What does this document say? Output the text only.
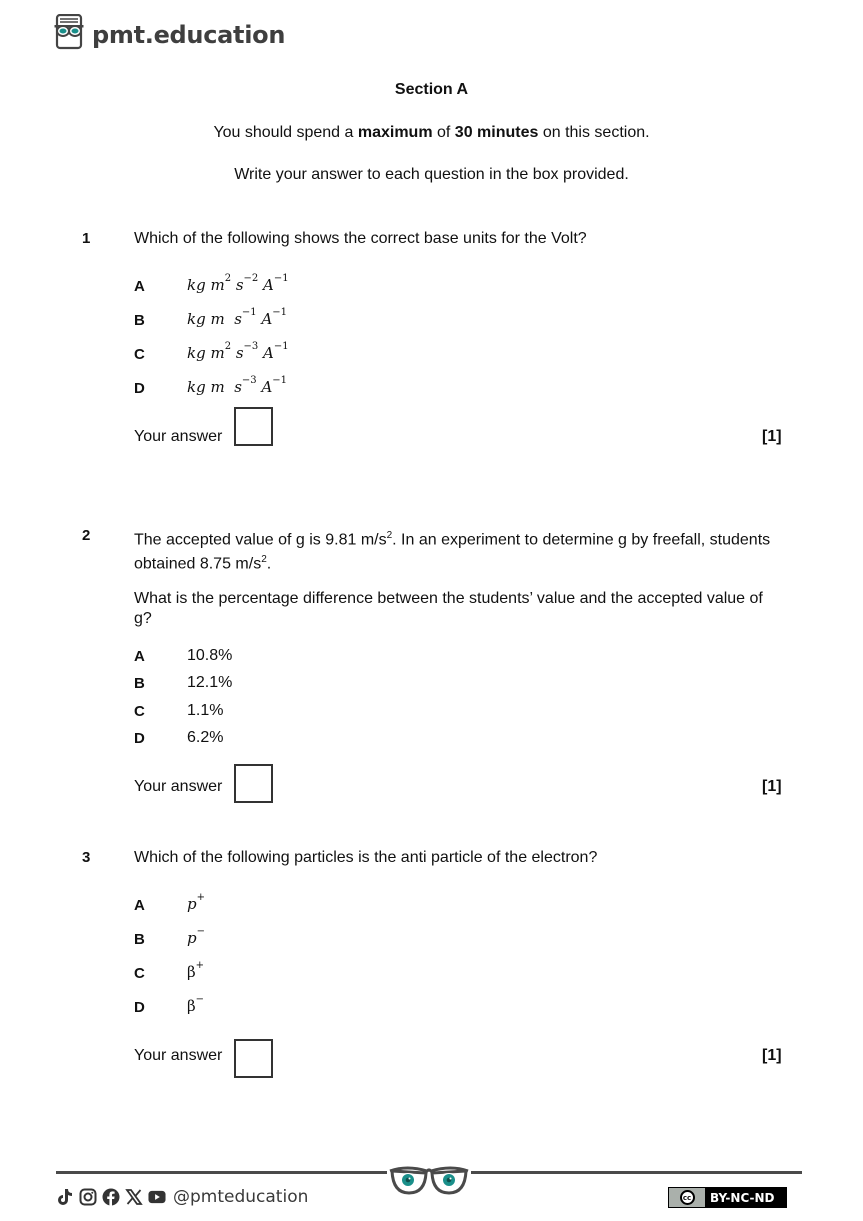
pmt.education
Section A
You should spend a maximum of 30 minutes on this section.
Write your answer to each question in the box provided.
1	Which of the following shows the correct base units for the Volt?
A	kg $m^2$ $s^{-2}$ $A^{-1}$
B	kg m  $s^{-1}$ $A^{-1}$
C	kg $m^2$ $s^{-3}$ $A^{-1}$
D	kg m  $s^{-3}$ $A^{-1}$
Your answer	[1]
2	The accepted value of g is 9.81 $m/s^2$. In an experiment to determine g by freefall, students
obtained 8.75 $m/s^2$.
What is the percentage difference between the students’ value and the accepted value of g?
A	10.8%
B	12.1%
C	1.1%
D	6.2%
Your answer	[1]
3	Which of the following particles is the anti particle of the electron?
A	p+
B	p−
C	β+
D	β−
Your answer	[1]
@pmteducation	cc BY-NC-ND
